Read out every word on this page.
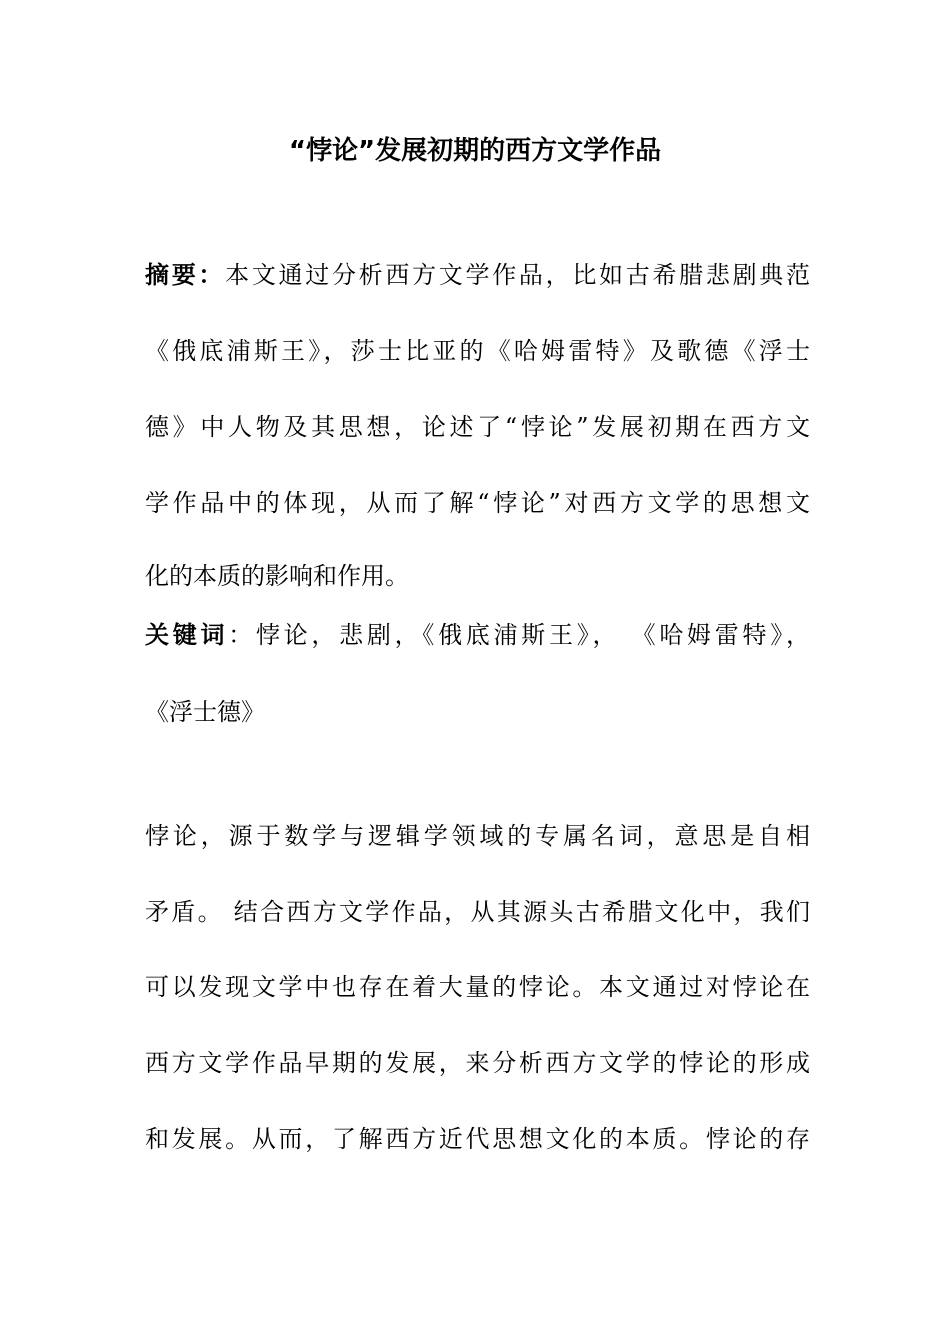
“悖论”发展初期的西方文学作品
摘要：本文通过分析西方文学作品，比如古希腊悲剧典范
《俄底浦斯王》，莎士比亚的《哈姆雷特》及歌德《浮士
德》中人物及其思想，论述了“悖论”发展初期在西方文
学作品中的体现，从而了解“悖论”对西方文学的思想文
化的本质的影响和作用。
关键词：悖论，悲剧，《俄底浦斯王》， 《哈姆雷特》，
《浮士德》
悖论，源于数学与逻辑学领域的专属名词，意思是自相
矛盾。 结合西方文学作品，从其源头古希腊文化中，我们
可以发现文学中也存在着大量的悖论。本文通过对悖论在
西方文学作品早期的发展，来分析西方文学的悖论的形成
和发展。从而，了解西方近代思想文化的本质。悖论的存
